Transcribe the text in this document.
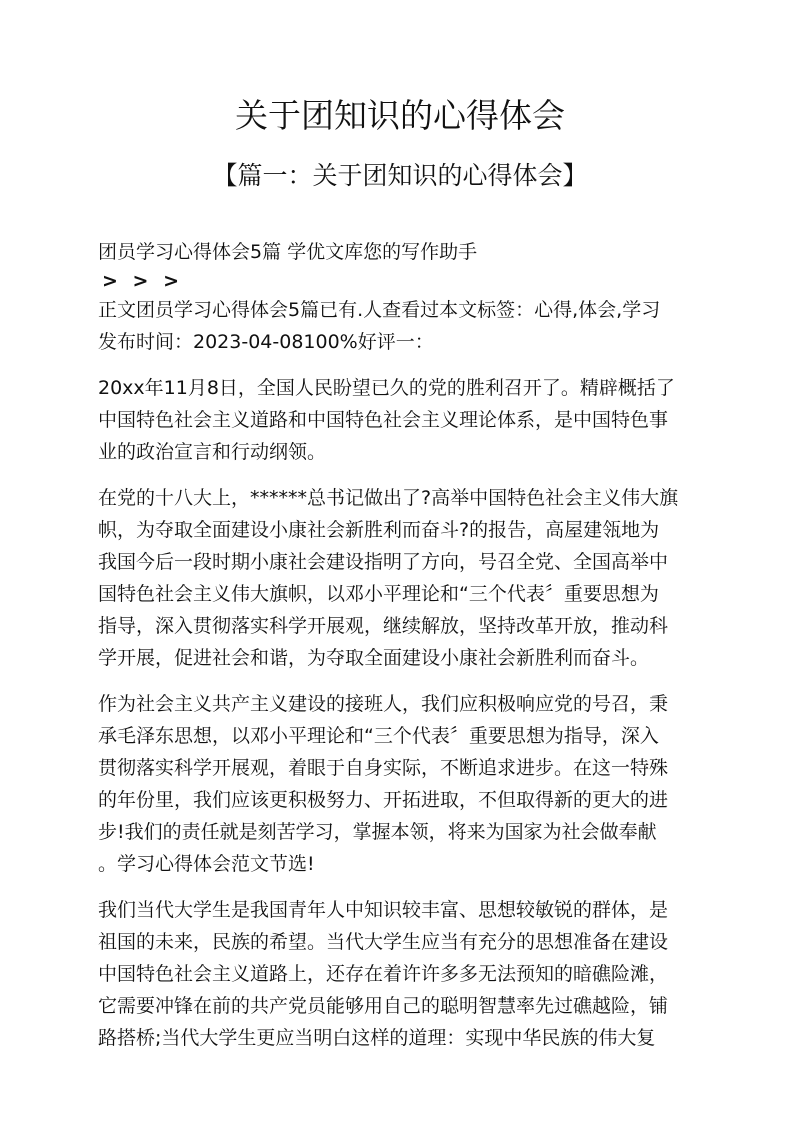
关于团知识的心得体会
【篇一：关于团知识的心得体会】
团员学习心得体会5篇 学优文库您的写作助手
> > >
正文团员学习心得体会5篇已有.人查看过本文标签：心得,体会,学习
发布时间：2023-04-08100%好评一：
20xx年11月8日，全国人民盼望已久的党的胜利召开了。精辟概括了
中国特色社会主义道路和中国特色社会主义理论体系，是中国特色事
业的政治宣言和行动纲领。
在党的十八大上，******总书记做出了?高举中国特色社会主义伟大旗
帜，为夺取全面建设小康社会新胜利而奋斗?的报告，高屋建瓴地为
我国今后一段时期小康社会建设指明了方向，号召全党、全国高举中
国特色社会主义伟大旗帜，以邓小平理论和“三个代表〞重要思想为
指导，深入贯彻落实科学开展观，继续解放，坚持改革开放，推动科
学开展，促进社会和谐，为夺取全面建设小康社会新胜利而奋斗。
作为社会主义共产主义建设的接班人，我们应积极响应党的号召，秉
承毛泽东思想，以邓小平理论和“三个代表〞重要思想为指导，深入
贯彻落实科学开展观，着眼于自身实际，不断追求进步。在这一特殊
的年份里，我们应该更积极努力、开拓进取，不但取得新的更大的进
步!我们的责任就是刻苦学习，掌握本领，将来为国家为社会做奉献
。学习心得体会范文节选!
我们当代大学生是我国青年人中知识较丰富、思想较敏锐的群体，是
祖国的未来，民族的希望。当代大学生应当有充分的思想准备在建设
中国特色社会主义道路上，还存在着许许多多无法预知的暗礁险滩，
它需要冲锋在前的共产党员能够用自己的聪明智慧率先过礁越险，铺
路搭桥;当代大学生更应当明白这样的道理：实现中华民族的伟大复
